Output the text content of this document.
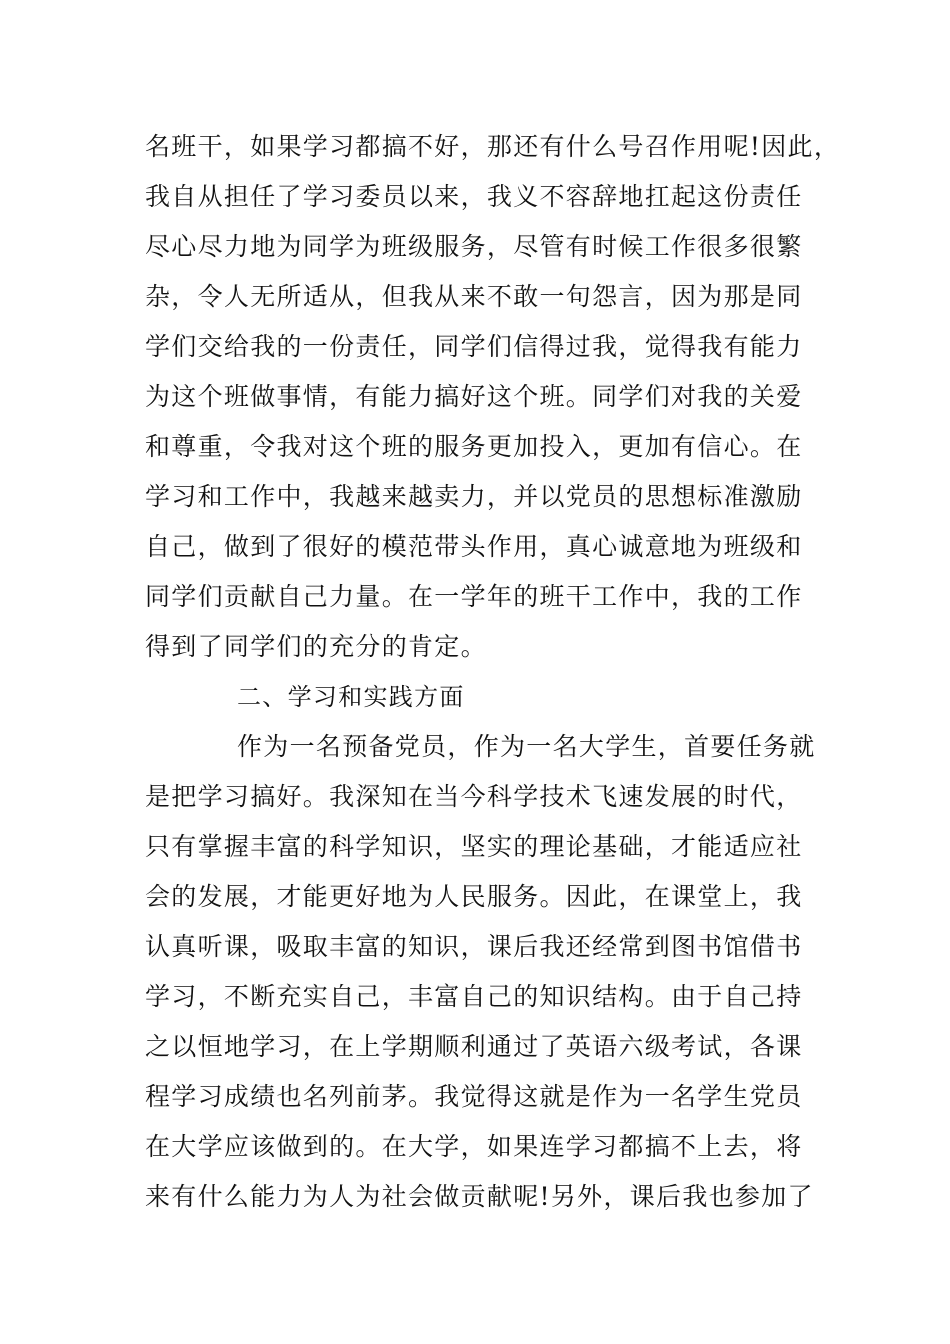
名班干，如果学习都搞不好，那还有什么号召作用呢!因此，
我自从担任了学习委员以来，我义不容辞地扛起这份责任
尽心尽力地为同学为班级服务，尽管有时候工作很多很繁
杂，令人无所适从，但我从来不敢一句怨言，因为那是同
学们交给我的一份责任，同学们信得过我，觉得我有能力
为这个班做事情，有能力搞好这个班。同学们对我的关爱
和尊重，令我对这个班的服务更加投入，更加有信心。在
学习和工作中，我越来越卖力，并以党员的思想标准激励
自己，做到了很好的模范带头作用，真心诚意地为班级和
同学们贡献自己力量。在一学年的班干工作中，我的工作
得到了同学们的充分的肯定。
二、学习和实践方面
作为一名预备党员，作为一名大学生，首要任务就
是把学习搞好。我深知在当今科学技术飞速发展的时代，
只有掌握丰富的科学知识，坚实的理论基础，才能适应社
会的发展，才能更好地为人民服务。因此，在课堂上，我
认真听课，吸取丰富的知识，课后我还经常到图书馆借书
学习，不断充实自己，丰富自己的知识结构。由于自己持
之以恒地学习，在上学期顺利通过了英语六级考试，各课
程学习成绩也名列前茅。我觉得这就是作为一名学生党员
在大学应该做到的。在大学，如果连学习都搞不上去，将
来有什么能力为人为社会做贡献呢!另外，课后我也参加了
